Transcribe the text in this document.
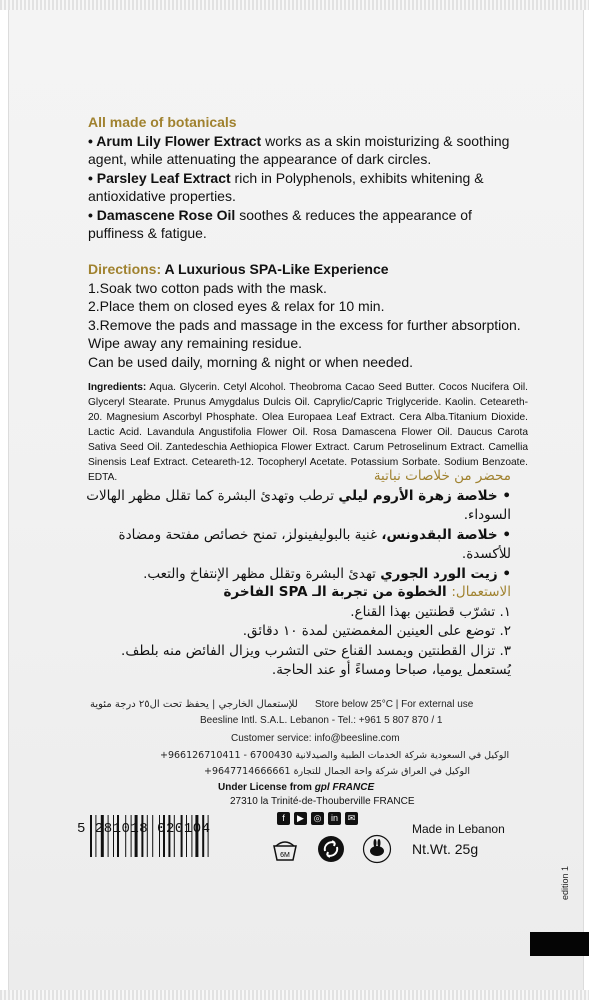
All made of botanicals

• Arum Lily Flower Extract works as a skin moisturizing & soothing agent, while attenuating the appearance of dark circles.

• Parsley Leaf Extract rich in Polyphenols, exhibits whitening & antioxidative properties.

• Damascene Rose Oil soothes & reduces the appearance of puffiness & fatigue.

Directions: A Luxurious SPA-Like Experience

1.Soak two cotton pads with the mask.

2.Place them on closed eyes & relax for 10 min.

3.Remove the pads and massage in the excess for further absorption. Wipe away any remaining residue.

Can be used daily, morning & night or when needed.

Ingredients: Aqua. Glycerin. Cetyl Alcohol. Theobroma Cacao Seed Butter. Cocos Nucifera Oil. Glyceryl Stearate. Prunus Amygdalus Dulcis Oil. Caprylic/Capric Triglyceride. Kaolin. Ceteareth-20. Magnesium Ascorbyl Phosphate. Olea Europaea Leaf Extract. Cera Alba.Titanium Dioxide. Lactic Acid. Lavandula Angustifolia Flower Oil. Rosa Damascena Flower Oil. Daucus Carota Sativa Seed Oil. Zantedeschia Aethiopica Flower Extract. Carum Petroselinum Extract. Camellia Sinensis Leaf Extract. Ceteareth-12. Tocopheryl Acetate. Potassium Sorbate. Sodium Benzoate. EDTA.	محضر من خلاصات نباتية

• خلاصة زهرة الأروم ليلي ترطب وتهدئ البشرة كما تقلل مظهر الهالات السوداء.

• خلاصة البقدونس، غنية بالبوليفينولز، تمنح خصائص مفتحة ومضادة للأكسدة.

• زيت الورد الجوري تهدئ البشرة وتقلل مظهر الإنتفاخ والتعب.

الاستعمال: الخطوة من تجربة الـ SPA الفاخرة

١. تشرّب قطنتين بهذا القناع.

٢. توضع على العينين المغمضتين لمدة ١٠ دقائق.

٣. تزال القطنتين ويمسد القناع حتى التشرب ويزال الفائض منه بلطف.

يُستعمل يوميا، صباحا ومساءً أو عند الحاجة.

للإستعمال الخارجي | يحفظ تحت ال٢٥ درجة مئوية Store below 25°C | For external use
Beesline Intl. S.A.L. Lebanon - Tel.: +961 5 807 870 / 1
Customer service: info@beesline.com
+966126710411 - 6700430 الوكيل في السعودية شركة الخدمات الطبية والصيدلانية
+9647714666661 الوكيل في العراق شركة واحة الجمال للتجارة
Under License from gpl FRANCE
27310 la Trinité-de-Thouberville FRANCE
f	▶	◎	in	✉
6M
5 281018 020104	Made in Lebanon
Nt.Wt. 25g
edition 1
